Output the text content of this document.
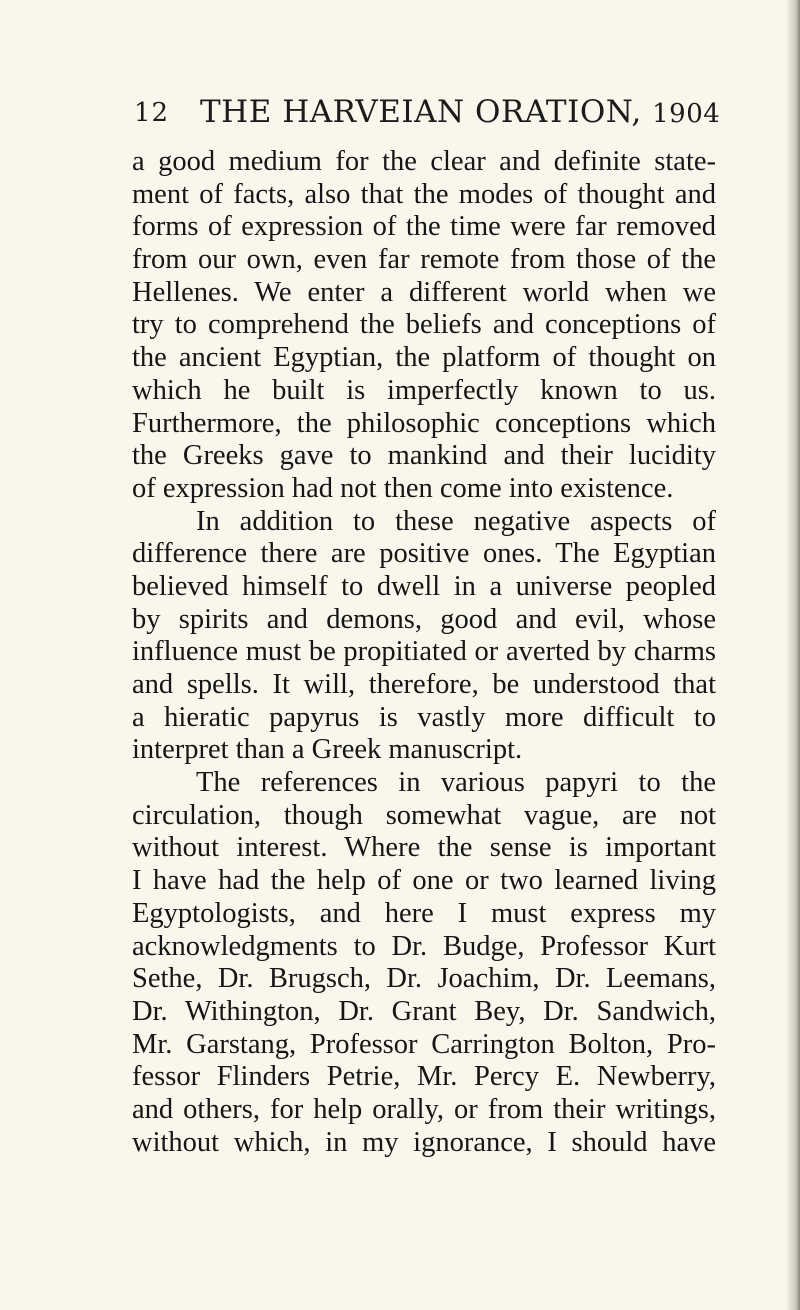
12 THE HARVEIAN ORATION, 1904
a good medium for the clear and definite state-
ment of facts, also that the modes of thought and
forms of expression of the time were far removed
from our own, even far remote from those of the
Hellenes. We enter a different world when we
try to comprehend the beliefs and conceptions of
the ancient Egyptian, the platform of thought on
which he built is imperfectly known to us.
Furthermore, the philosophic conceptions which
the Greeks gave to mankind and their lucidity
of expression had not then come into existence.
In addition to these negative aspects of
difference there are positive ones. The Egyptian
believed himself to dwell in a universe peopled
by spirits and demons, good and evil, whose
influence must be propitiated or averted by charms
and spells. It will, therefore, be understood that
a hieratic papyrus is vastly more difficult to
interpret than a Greek manuscript.
The references in various papyri to the
circulation, though somewhat vague, are not
without interest. Where the sense is important
I have had the help of one or two learned living
Egyptologists, and here I must express my
acknowledgments to Dr. Budge, Professor Kurt
Sethe, Dr. Brugsch, Dr. Joachim, Dr. Leemans,
Dr. Withington, Dr. Grant Bey, Dr. Sandwich,
Mr. Garstang, Professor Carrington Bolton, Pro-
fessor Flinders Petrie, Mr. Percy E. Newberry,
and others, for help orally, or from their writings,
without which, in my ignorance, I should have
